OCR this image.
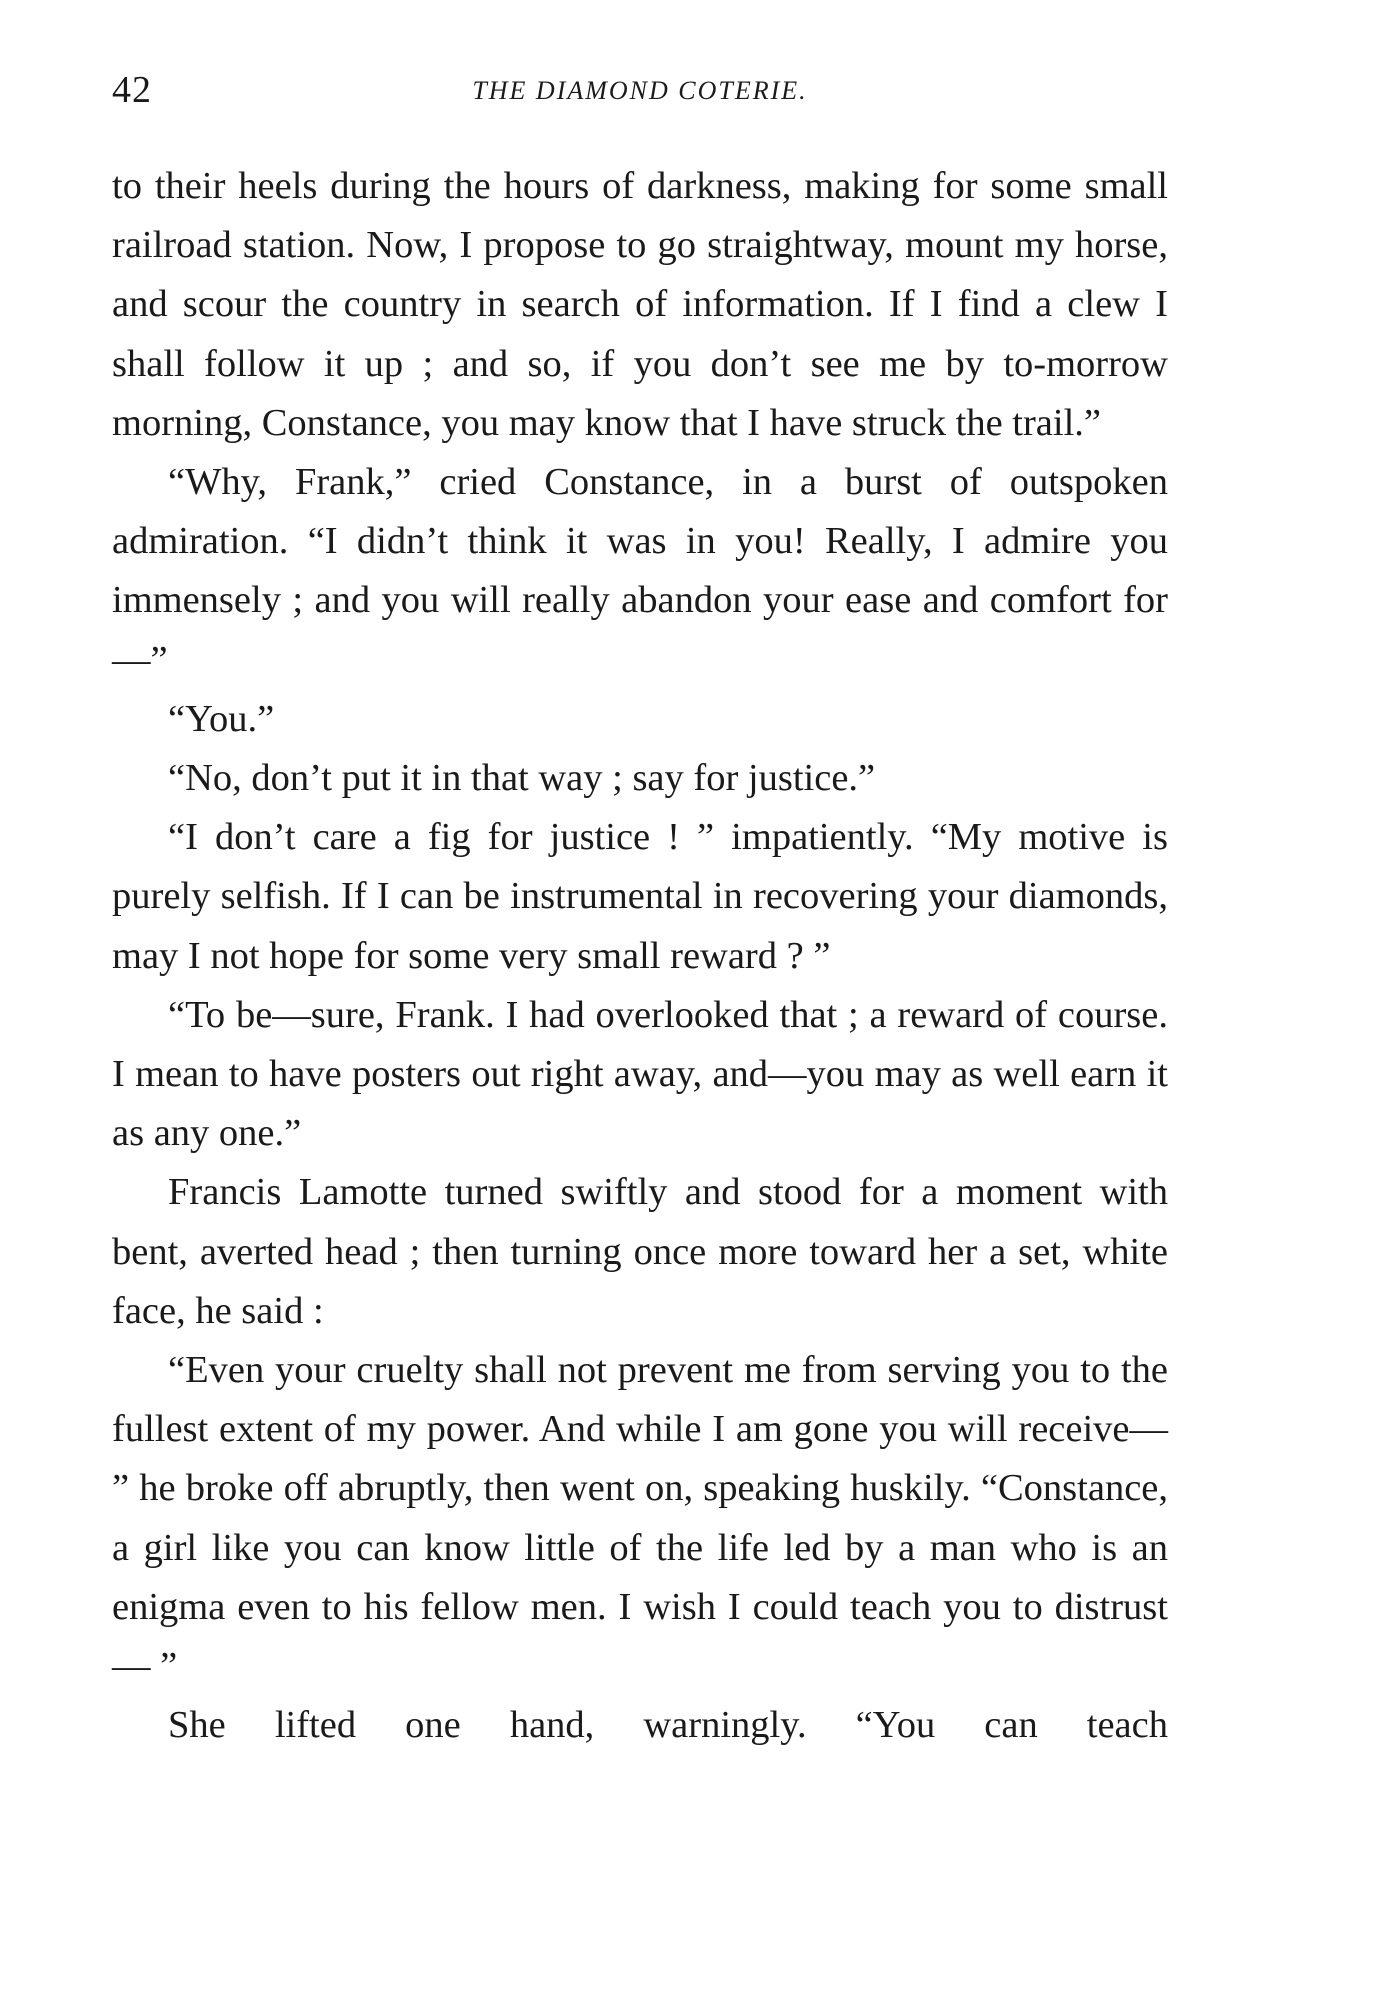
42	THE DIAMOND COTERIE.

to their heels during the hours of darkness, making for some small railroad station. Now, I propose to go straightway, mount my horse, and scour the country in search of information. If I find a clew I shall follow it up ; and so, if you don’t see me by to-morrow morning, Constance, you may know that I have struck the trail.”

“Why, Frank,” cried Constance, in a burst of outspoken admiration. “I didn’t think it was in you! Really, I admire you immensely ; and you will really abandon your ease and comfort for—”

“You.”

“No, don’t put it in that way ; say for justice.”

“I don’t care a fig for justice ! ” impatiently. “My motive is purely selfish. If I can be instrumental in recovering your diamonds, may I not hope for some very small reward ? ”

“To be—sure, Frank. I had overlooked that ; a reward of course. I mean to have posters out right away, and—you may as well earn it as any one.”

Francis Lamotte turned swiftly and stood for a moment with bent, averted head ; then turning once more toward her a set, white face, he said :

“Even your cruelty shall not prevent me from serving you to the fullest extent of my power. And while I am gone you will receive— ” he broke off abruptly, then went on, speaking huskily. “Constance, a girl like you can know little of the life led by a man who is an enigma even to his fellow men. I wish I could teach you to distrust— ”

She lifted one hand, warningly. “You can teach
